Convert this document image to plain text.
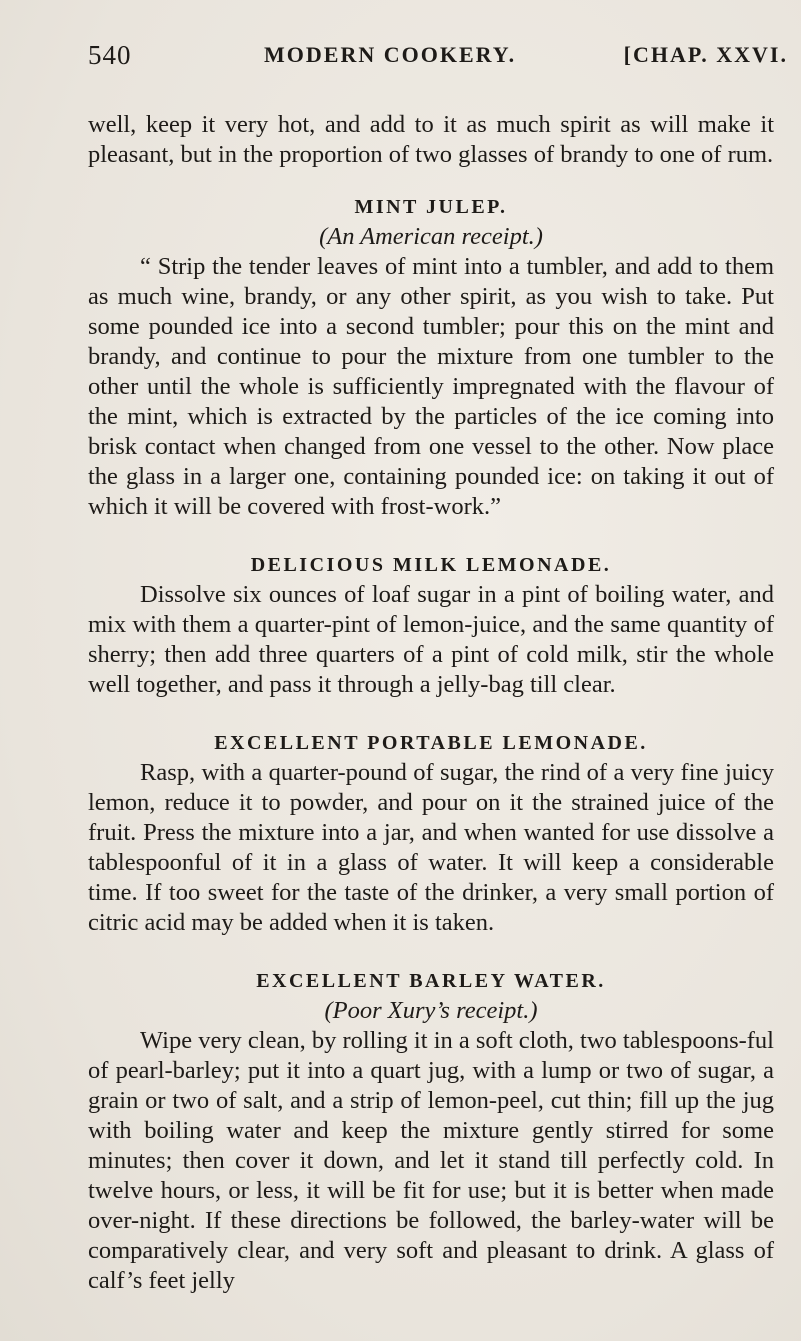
540	MODERN COOKERY.	[CHAP. XXVI.

well, keep it very hot, and add to it as much spirit as will make it pleasant, but in the proportion of two glasses of brandy to one of rum.

MINT JULEP.

(An American receipt.)

“ Strip the tender leaves of mint into a tumbler, and add to them as much wine, brandy, or any other spirit, as you wish to take. Put some pounded ice into a second tumbler; pour this on the mint and brandy, and continue to pour the mixture from one tumbler to the other until the whole is sufficiently impregnated with the flavour of the mint, which is extracted by the particles of the ice coming into brisk contact when changed from one vessel to the other. Now place the glass in a larger one, containing pounded ice: on taking it out of which it will be covered with frost-work.”

DELICIOUS MILK LEMONADE.

Dissolve six ounces of loaf sugar in a pint of boiling water, and mix with them a quarter-pint of lemon-juice, and the same quantity of sherry; then add three quarters of a pint of cold milk, stir the whole well together, and pass it through a jelly-bag till clear.

EXCELLENT PORTABLE LEMONADE.

Rasp, with a quarter-pound of sugar, the rind of a very fine juicy lemon, reduce it to powder, and pour on it the strained juice of the fruit. Press the mixture into a jar, and when wanted for use dissolve a tablespoonful of it in a glass of water. It will keep a considerable time. If too sweet for the taste of the drinker, a very small portion of citric acid may be added when it is taken.

EXCELLENT BARLEY WATER.

(Poor Xury’s receipt.)

Wipe very clean, by rolling it in a soft cloth, two tablespoons-ful of pearl-barley; put it into a quart jug, with a lump or two of sugar, a grain or two of salt, and a strip of lemon-peel, cut thin; fill up the jug with boiling water and keep the mixture gently stirred for some minutes; then cover it down, and let it stand till perfectly cold. In twelve hours, or less, it will be fit for use; but it is better when made over-night. If these directions be followed, the barley-water will be comparatively clear, and very soft and pleasant to drink. A glass of calf’s feet jelly
